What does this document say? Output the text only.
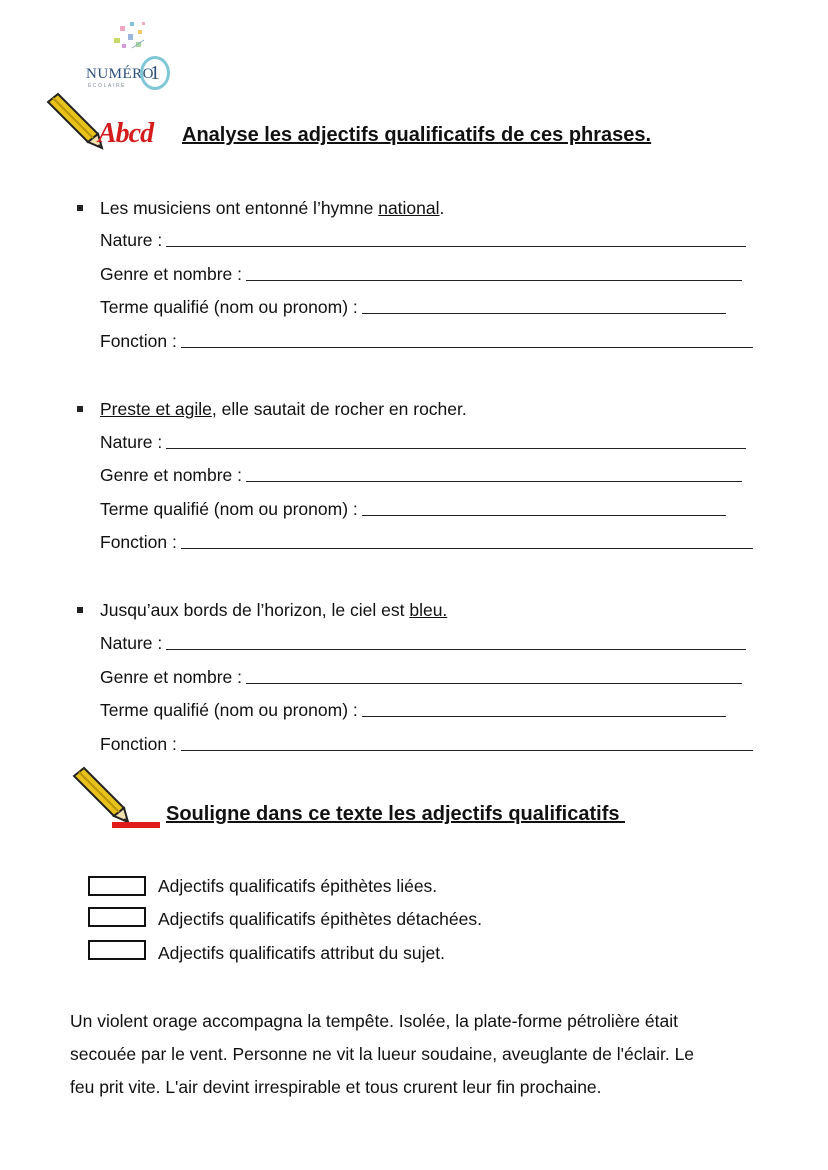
NUMÉRO
1
ÉCOLAIRE
Abcd Analyse les adjectifs qualificatifs de ces phrases.
Les musiciens ont entonné l’hymne national.
Nature :
Genre et nombre :
Terme qualifié (nom ou pronom) :
Fonction :
Preste et agile, elle sautait de rocher en rocher.
Nature :
Genre et nombre :
Terme qualifié (nom ou pronom) :
Fonction :
Jusqu’aux bords de l’horizon, le ciel est bleu.
Nature :
Genre et nombre :
Terme qualifié (nom ou pronom) :
Fonction :
Souligne dans ce texte les adjectifs qualificatifs
Adjectifs qualificatifs épithètes liées.
Adjectifs qualificatifs épithètes détachées.
Adjectifs qualificatifs attribut du sujet.

Un violent orage accompagna la tempête. Isolée, la plate-forme pétrolière était

secouée par le vent. Personne ne vit la lueur soudaine, aveuglante de l'éclair. Le

feu prit vite. L'air devint irrespirable et tous crurent leur fin prochaine.
